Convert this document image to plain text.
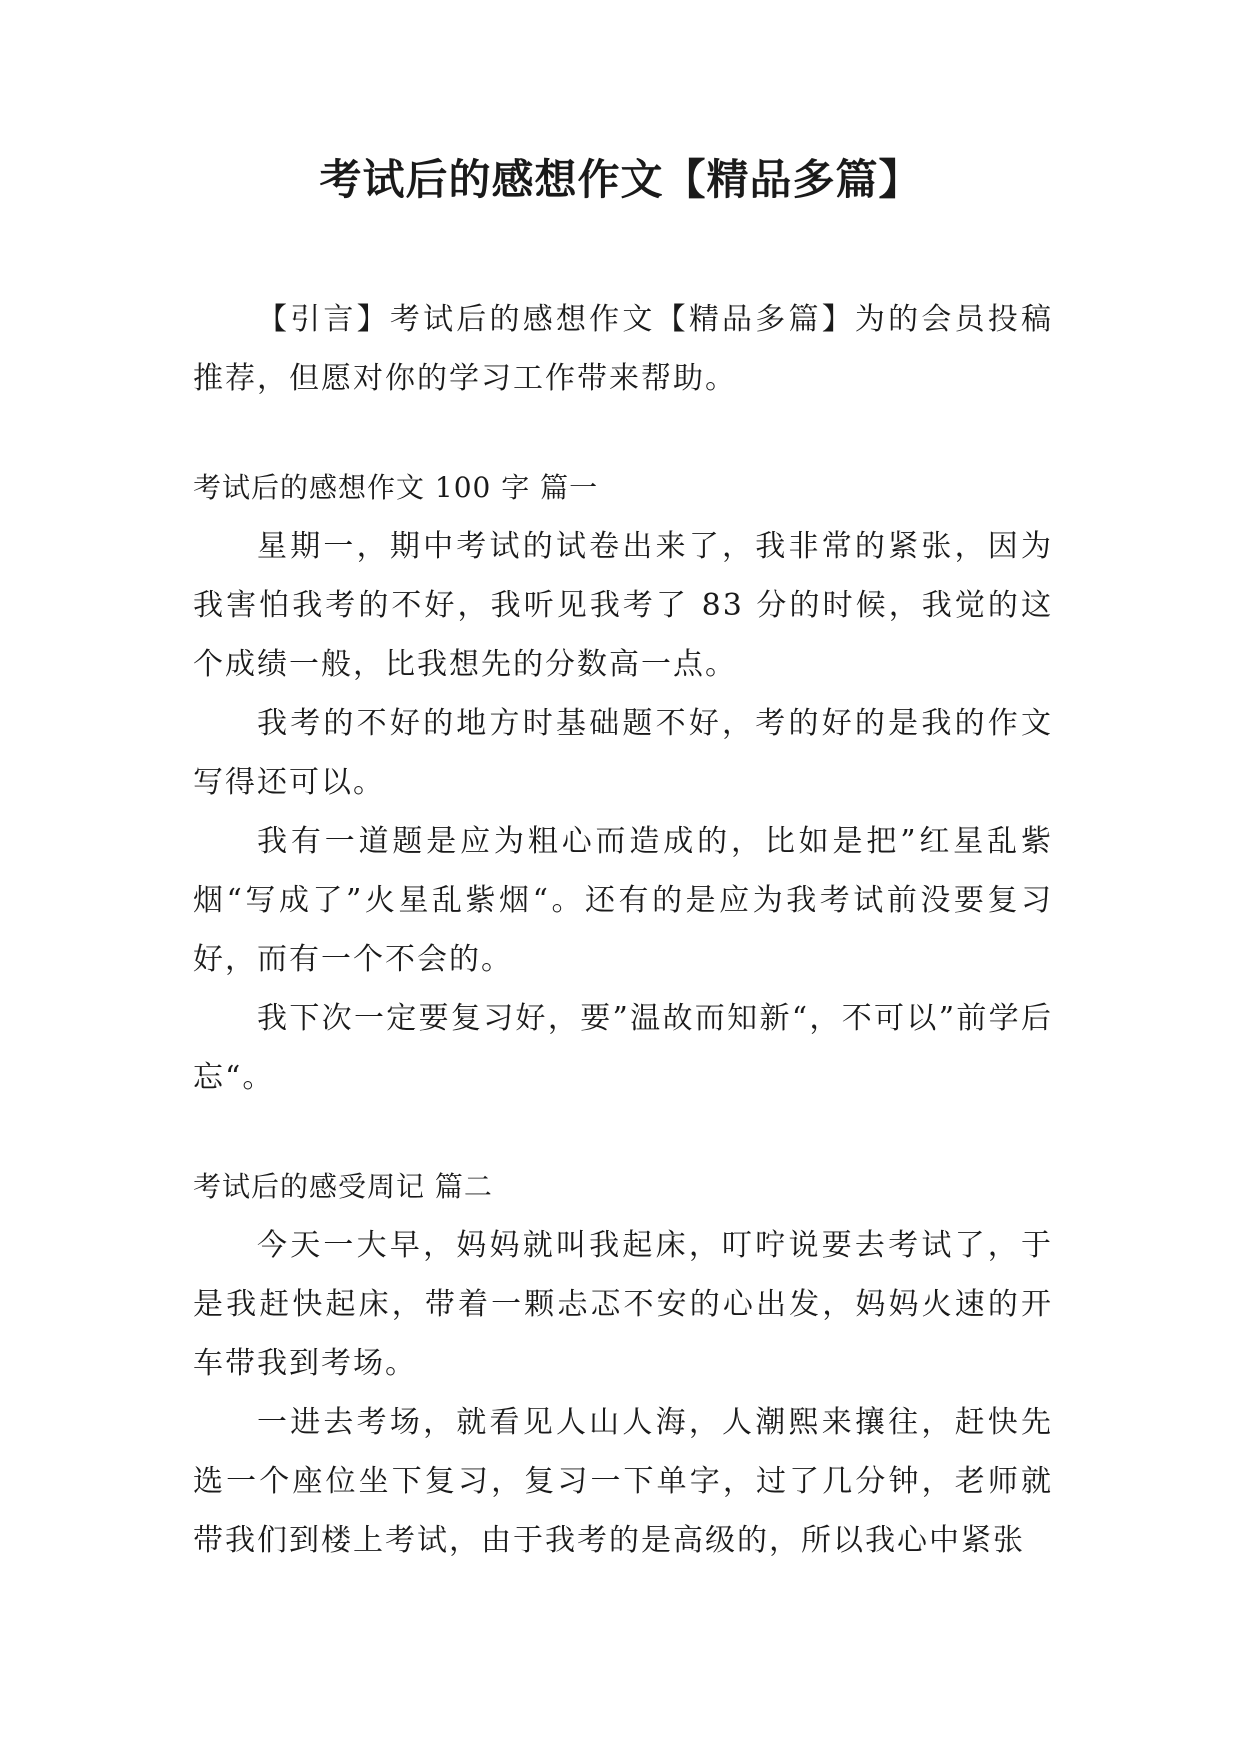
考试后的感想作文【精品多篇】

【引言】考试后的感想作文【精品多篇】为的会员投稿推荐，但愿对你的学习工作带来帮助。

考试后的感想作文 100 字 篇一

星期一，期中考试的试卷出来了，我非常的紧张，因为我害怕我考的不好，我听见我考了 83 分的时候，我觉的这个成绩一般，比我想先的分数高一点。

我考的不好的地方时基础题不好，考的好的是我的作文写得还可以。

我有一道题是应为粗心而造成的，比如是把”红星乱紫烟“写成了”火星乱紫烟“。还有的是应为我考试前没要复习好，而有一个不会的。

我下次一定要复习好，要”温故而知新“，不可以”前学后忘“。

考试后的感受周记 篇二

今天一大早，妈妈就叫我起床，叮咛说要去考试了，于是我赶快起床，带着一颗忐忑不安的心出发，妈妈火速的开车带我到考场。

一进去考场，就看见人山人海，人潮熙来攘往，赶快先选一个座位坐下复习，复习一下单字，过了几分钟，老师就带我们到楼上考试，由于我考的是高级的，所以我心中紧张
